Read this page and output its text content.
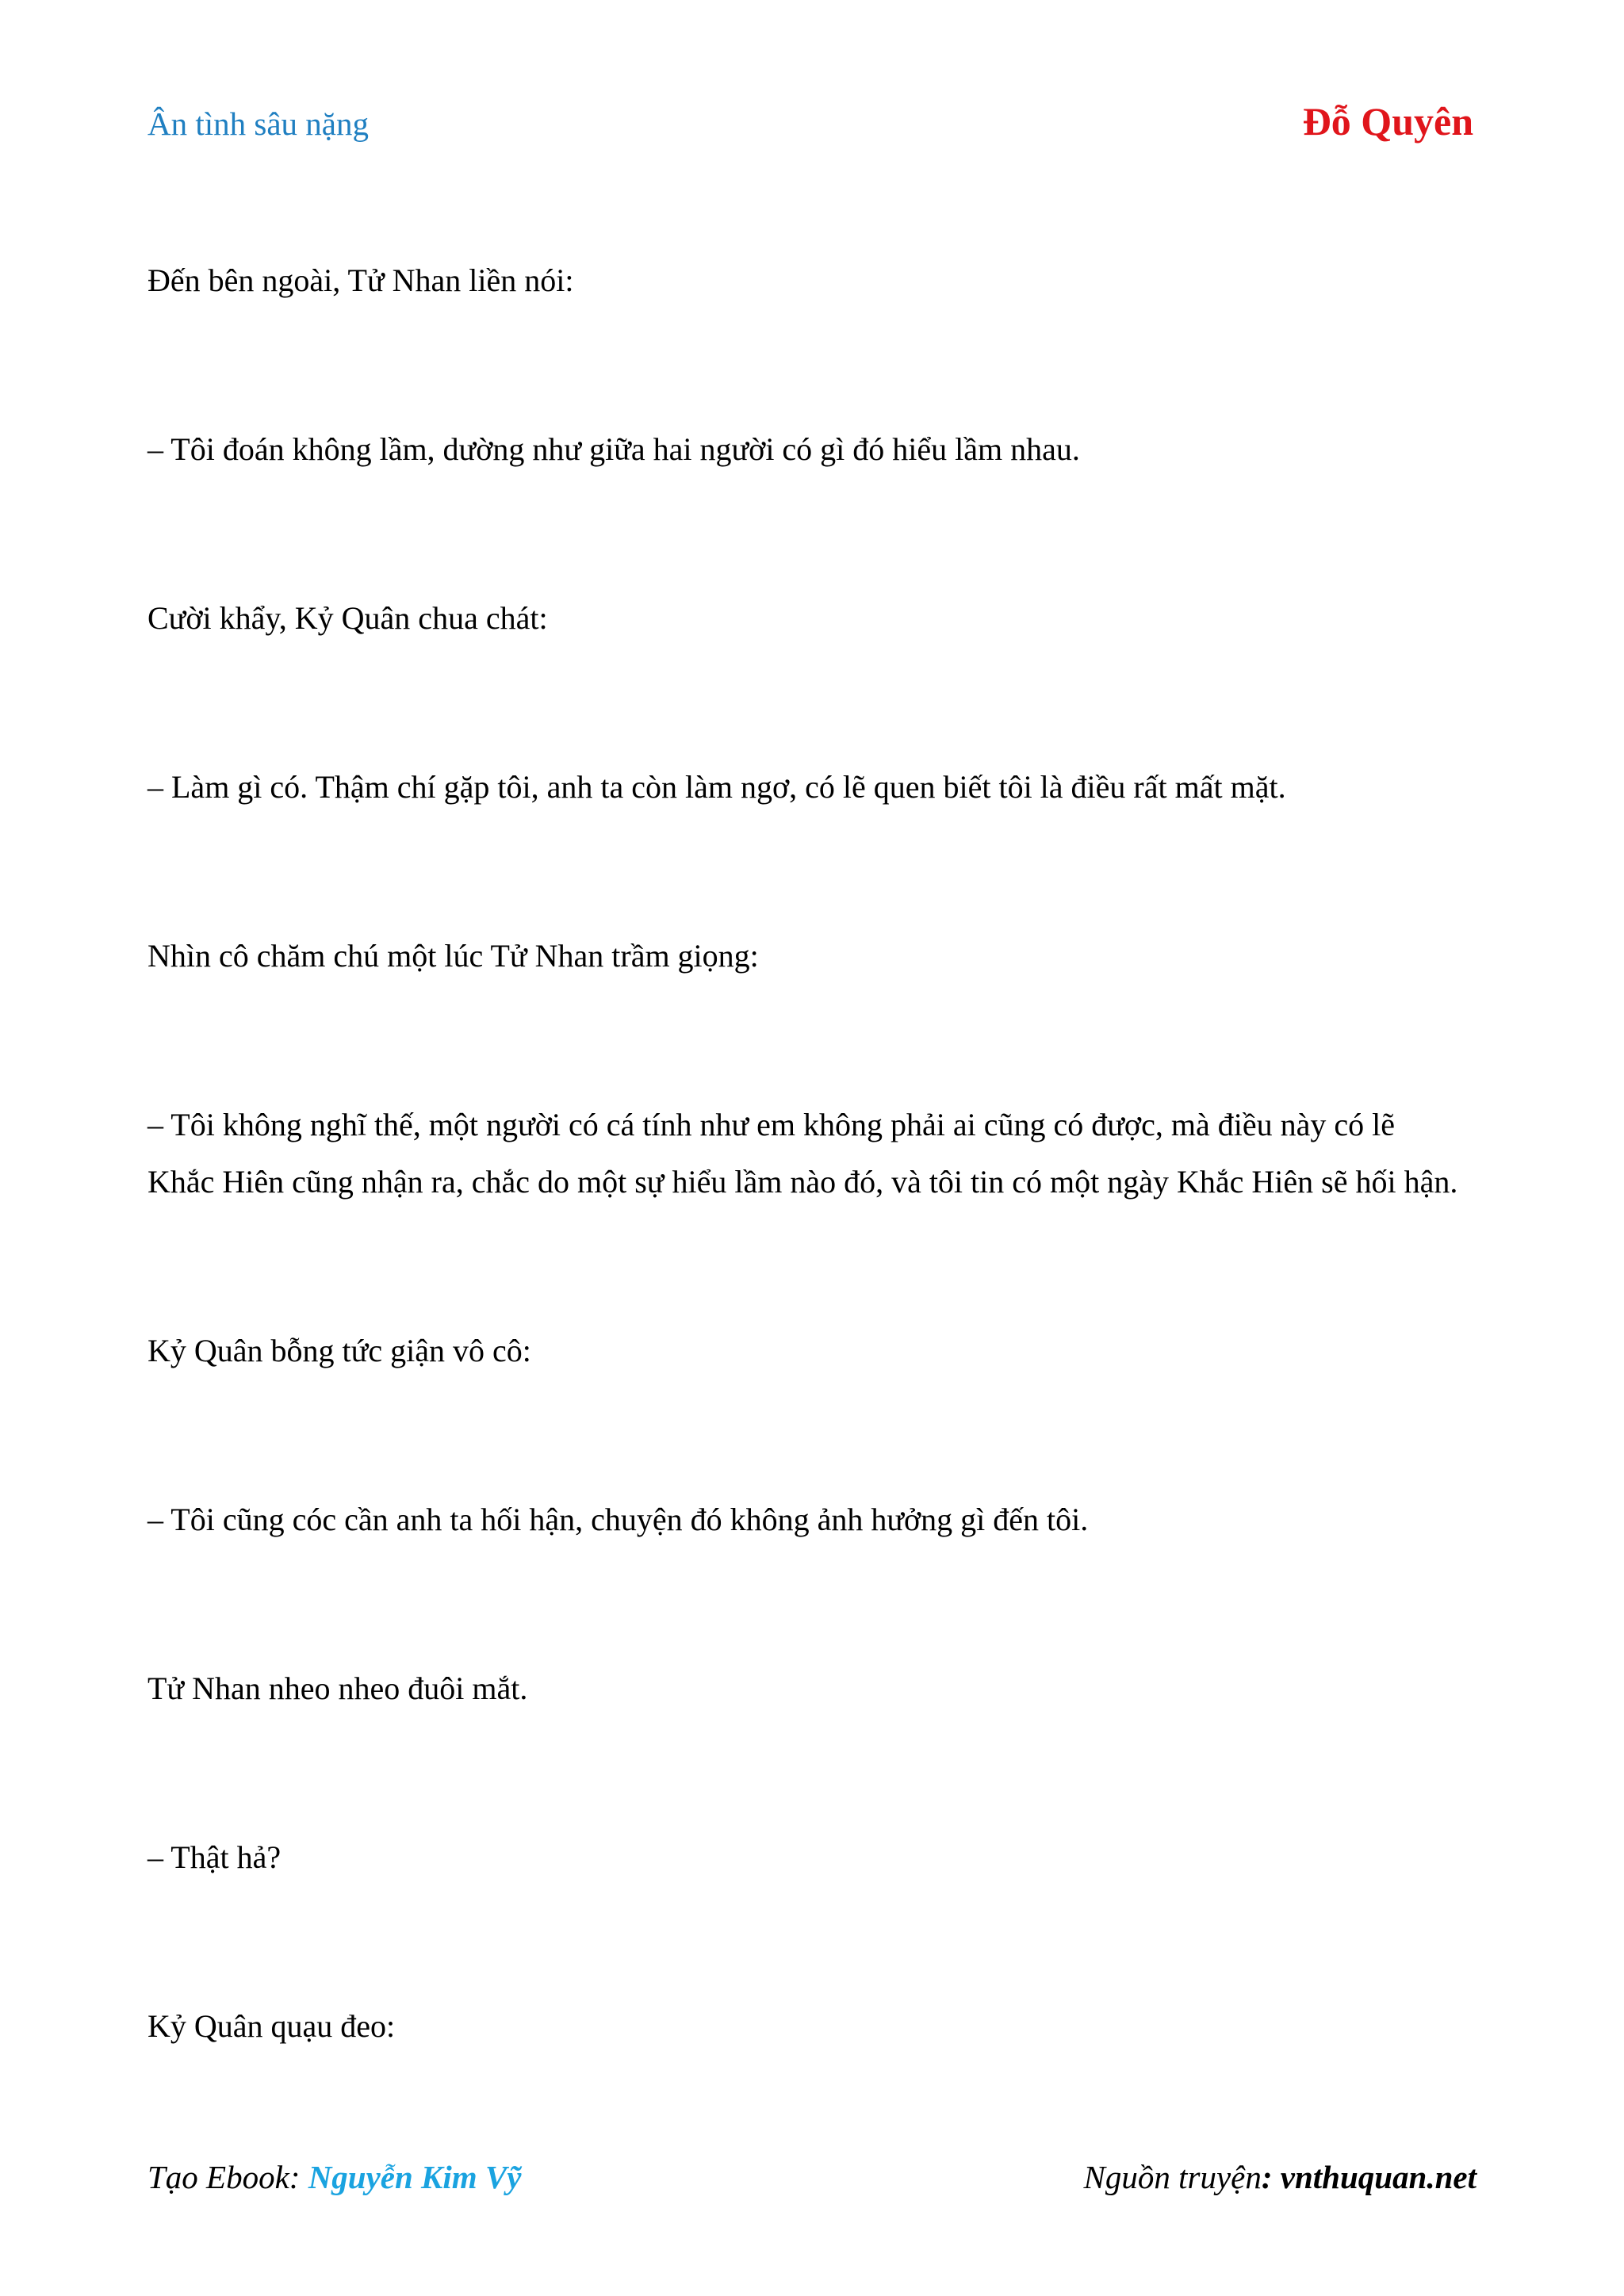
Ân tình sâu nặng	Đỗ Quyên

Đến bên ngoài, Tử Nhan liền nói:

– Tôi đoán không lầm, dường như giữa hai người có gì đó hiểu lầm nhau.

Cười khẩy, Kỷ Quân chua chát:

– Làm gì có. Thậm chí gặp tôi, anh ta còn làm ngơ, có lẽ quen biết tôi là điều rất mất mặt.

Nhìn cô chăm chú một lúc Tử Nhan trầm giọng:

– Tôi không nghĩ thế, một người có cá tính như em không phải ai cũng có được, mà điều này có lẽ Khắc Hiên cũng nhận ra, chắc do một sự hiểu lầm nào đó, và tôi tin có một ngày Khắc Hiên sẽ hối hận.

Kỷ Quân bỗng tức giận vô cô:

– Tôi cũng cóc cần anh ta hối hận, chuyện đó không ảnh hưởng gì đến tôi.

Tử Nhan nheo nheo đuôi mắt.

– Thật hả?

Kỷ Quân quạu đeo:

Tạo Ebook: Nguyễn Kim Vỹ	Nguồn truyện: vnthuquan.net
